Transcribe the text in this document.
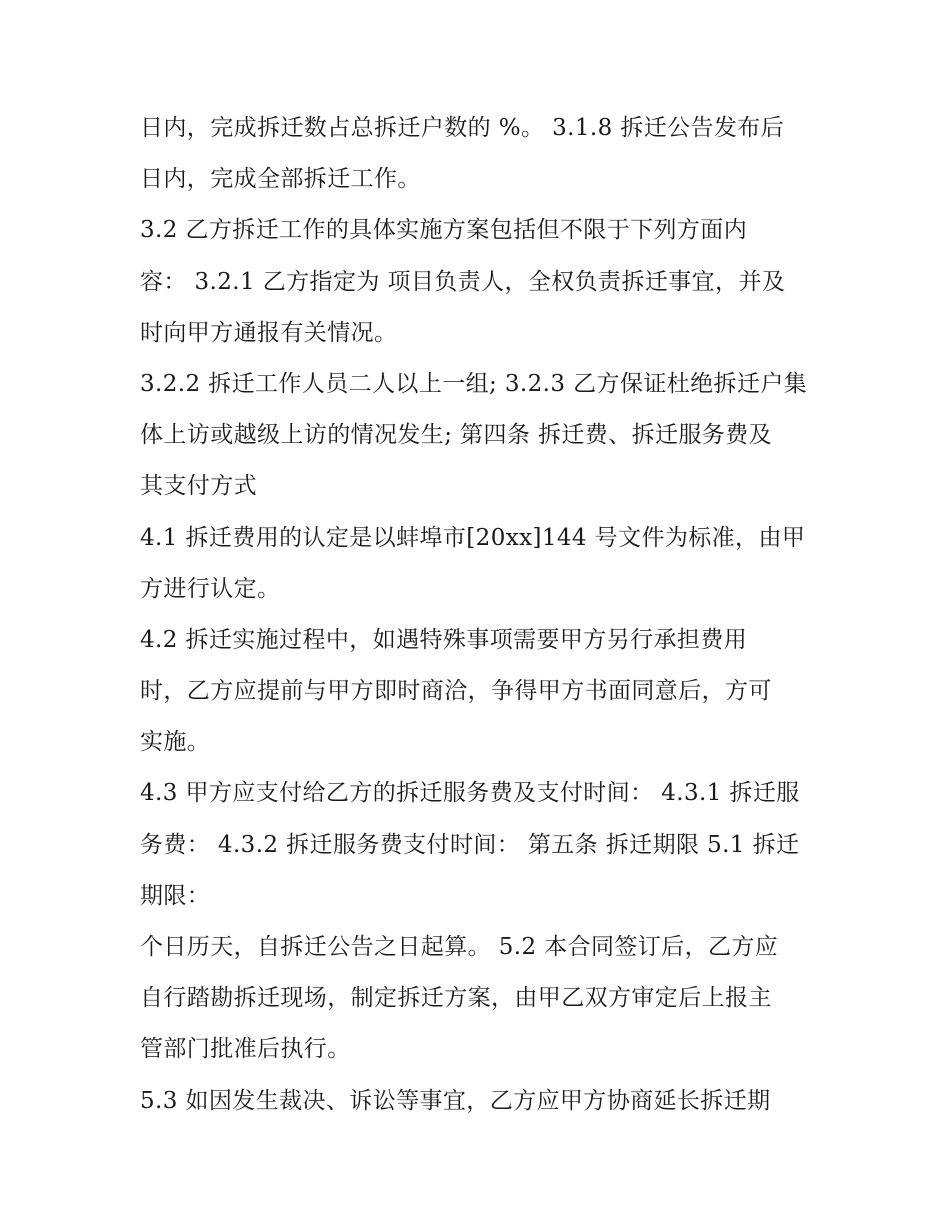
日内，完成拆迁数占总拆迁户数的 %。 3.1.8 拆迁公告发布后
日内，完成全部拆迁工作。
3.2 乙方拆迁工作的具体实施方案包括但不限于下列方面内
容： 3.2.1 乙方指定为 项目负责人，全权负责拆迁事宜，并及
时向甲方通报有关情况。
3.2.2 拆迁工作人员二人以上一组; 3.2.3 乙方保证杜绝拆迁户集
体上访或越级上访的情况发生; 第四条 拆迁费、拆迁服务费及
其支付方式
4.1 拆迁费用的认定是以蚌埠市[20xx]144 号文件为标准，由甲
方进行认定。
4.2 拆迁实施过程中，如遇特殊事项需要甲方另行承担费用
时，乙方应提前与甲方即时商洽，争得甲方书面同意后，方可
实施。
4.3 甲方应支付给乙方的拆迁服务费及支付时间： 4.3.1 拆迁服
务费： 4.3.2 拆迁服务费支付时间： 第五条 拆迁期限 5.1 拆迁
期限：
个日历天，自拆迁公告之日起算。 5.2 本合同签订后，乙方应
自行踏勘拆迁现场，制定拆迁方案，由甲乙双方审定后上报主
管部门批准后执行。
5.3 如因发生裁决、诉讼等事宜，乙方应甲方协商延长拆迁期
